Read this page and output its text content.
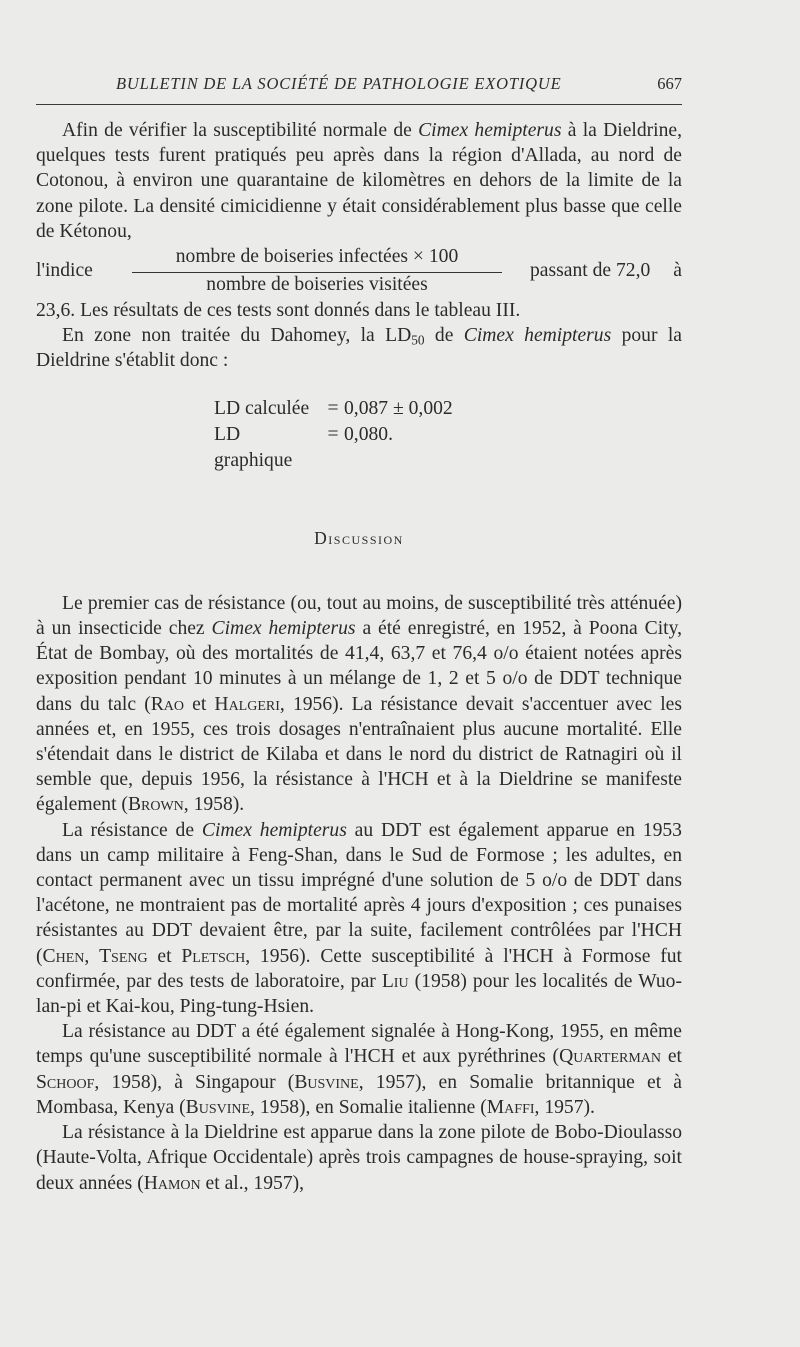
BULLETIN DE LA SOCIÉTÉ DE PATHOLOGIE EXOTIQUE	667

Afin de vérifier la susceptibilité normale de Cimex hemipterus à la Dieldrine, quelques tests furent pratiqués peu après dans la région d'Allada, au nord de Cotonou, à environ une quarantaine de kilomètres en dehors de la limite de la zone pilote. La densité cimicidienne y était considérablement plus basse que celle de Kétonou,

l'indice
nombre de boiseries infectées × 100
nombre de boiseries visitées
passant de 72,0 à

23,6. Les résultats de ces tests sont donnés dans le tableau III.

En zone non traitée du Dahomey, la $LD_{50}$ de Cimex hemipterus pour la Dieldrine s'établit donc :

LD calculée = 0,087 ± 0,002
LD graphique
= 0,080.
Discussion

Le premier cas de résistance (ou, tout au moins, de susceptibilité très atténuée) à un insecticide chez Cimex hemipterus a été enregistré, en 1952, à Poona City, État de Bombay, où des mortalités de 41,4, 63,7 et 76,4 o/o étaient notées après exposition pendant 10 minutes à un mélange de 1, 2 et 5 o/o de DDT technique dans du talc (Rao et Halgeri, 1956). La résistance devait s'accentuer avec les années et, en 1955, ces trois dosages n'entraînaient plus aucune mortalité. Elle s'étendait dans le district de Kilaba et dans le nord du district de Ratnagiri où il semble que, depuis 1956, la résistance à l'HCH et à la Dieldrine se manifeste également (Brown, 1958).

La résistance de Cimex hemipterus au DDT est également apparue en 1953 dans un camp militaire à Feng-Shan, dans le Sud de Formose ; les adultes, en contact permanent avec un tissu imprégné d'une solution de 5 o/o de DDT dans l'acétone, ne montraient pas de mortalité après 4 jours d'exposition ; ces punaises résistantes au DDT devaient être, par la suite, facilement contrôlées par l'HCH (Chen, Tseng et Pletsch, 1956). Cette susceptibilité à l'HCH à Formose fut confirmée, par des tests de laboratoire, par Liu (1958) pour les localités de Wuo-lan-pi et Kai-kou, Ping-tung-Hsien.

La résistance au DDT a été également signalée à Hong-Kong, 1955, en même temps qu'une susceptibilité normale à l'HCH et aux pyréthrines (Quarterman et Schoof, 1958), à Singapour (Busvine, 1957), en Somalie britannique et à Mombasa, Kenya (Busvine, 1958), en Somalie italienne (Maffi, 1957).

La résistance à la Dieldrine est apparue dans la zone pilote de Bobo-Dioulasso (Haute-Volta, Afrique Occidentale) après trois campagnes de house-spraying, soit deux années (Hamon et al., 1957),
